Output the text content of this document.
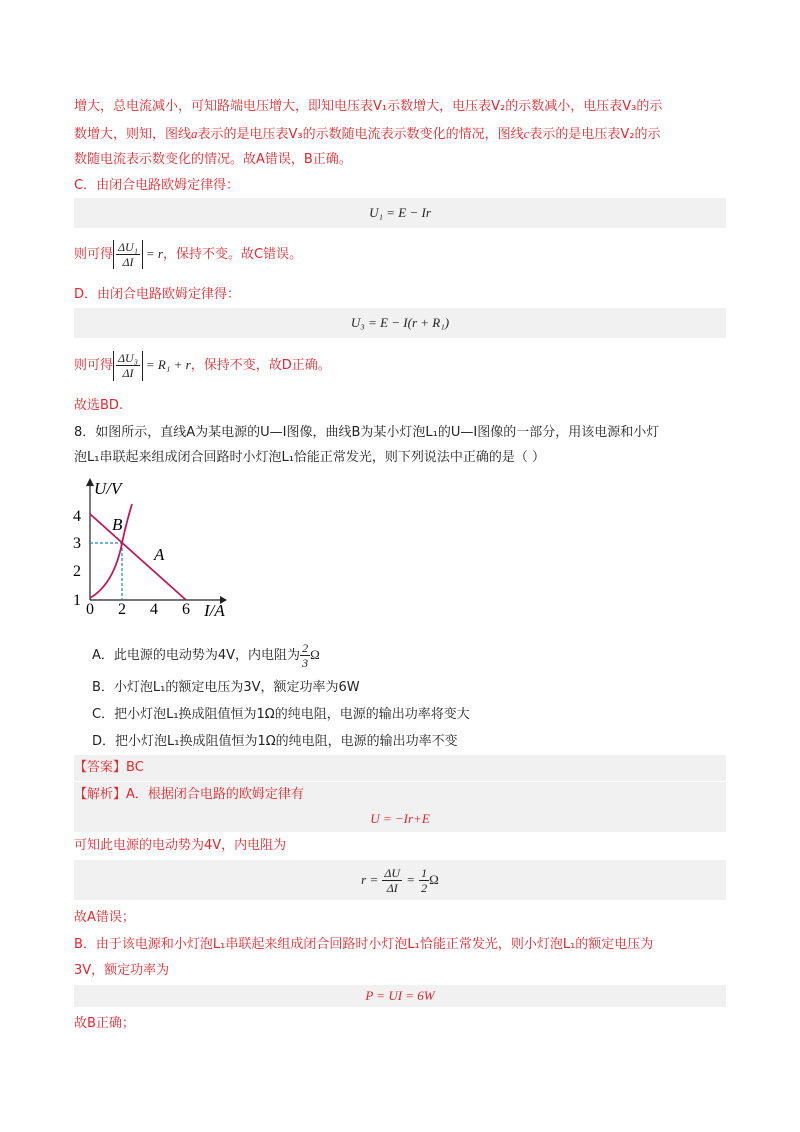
增大，总电流减小，可知路端电压增大，即知电压表V₁示数增大，电压表V₂的示数减小，电压表V₃的示
数增大，则知，图线a表示的是电压表V₃的示数随电流表示数变化的情况，图线c表示的是电压表V₂的示
数随电流表示数变化的情况。故A错误，B正确。
C．由闭合电路欧姆定律得：
U₁ = E − Ir
则可得 $\frac{\text{ΔU₁}}{\Delta I} = r$，保持不变。故C错误。
D．由闭合电路欧姆定律得：
U₃ = E − I(r + R₁)
则可得 $\frac{\text{ΔU₃}}{\Delta I} = R_1 + r$，保持不变，故D正确。
故选BD.
8．如图所示，直线A为某电源的U—I图像，曲线B为某小灯泡L₁的U—I图像的一部分，用该电源和小灯
泡L₁串联起来组成闭合回路时小灯泡L₁恰能正常发光，则下列说法中正确的是（ ）
U/V
I/A
1
2
3
4
0 2 4 6
B
A
A．此电源的电动势为4V，内电阻为 $\frac{2}{3}$ Ω
B．小灯泡L₁的额定电压为3V，额定功率为6W
C．把小灯泡L₁换成阻值恒为1Ω的纯电阻，电源的输出功率将变大
D．把小灯泡L₁换成阻值恒为1Ω的纯电阻，电源的输出功率不变
【答案】BC
【解析】A．根据闭合电路的欧姆定律有
U = −Ir+E
可知此电源的电动势为4V，内电阻为
$r = \frac{\Delta U}{\Delta I} = \frac{1}{2}$ Ω
故A错误；
B．由于该电源和小灯泡L₁串联起来组成闭合回路时小灯泡L₁恰能正常发光，则小灯泡L₁的额定电压为
3V，额定功率为
P = UI = 6W
故B正确；
